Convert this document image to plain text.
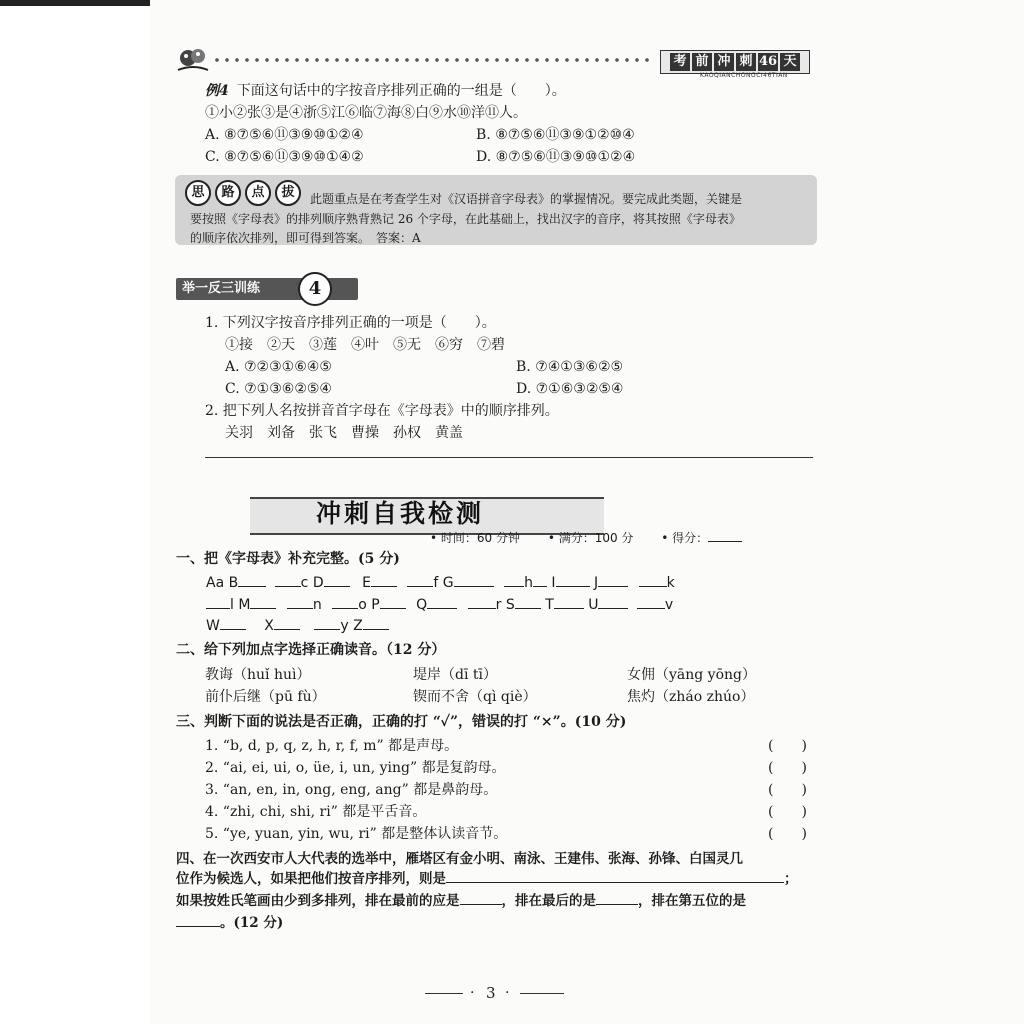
考 前 冲 刺 46 天
KAOQIANCHONGCI46TIAN
例4 下面这句话中的字按音序排列正确的一组是（　　）。
①小②张③是④浙⑤江⑥临⑦海⑧白⑨水⑩洋⑪人。
A. ⑧⑦⑤⑥⑪③⑨⑩①②④	B. ⑧⑦⑤⑥⑪③⑨①②⑩④
C. ⑧⑦⑤⑥⑪③⑨⑩①④②	D. ⑧⑦⑤⑥⑪③⑨⑩①②④
思	路	点	拔	此题重点是在考查学生对《汉语拼音字母表》的掌握情况。要完成此类题，关键是
要按照《字母表》的排列顺序熟背熟记 26 个字母，在此基础上，找出汉字的音序，将其按照《字母表》
的顺序依次排列，即可得到答案。　答案：A
举一反三训练	4
1. 下列汉字按音序排列正确的一项是（　　）。
①接　②天　③莲　④叶　⑤无　⑥穷　⑦碧
A. ⑦②③①⑥④⑤	B. ⑦④①③⑥②⑤
C. ⑦①③⑥②⑤④	D. ⑦①⑥③②⑤④
2. 把下列人名按拼音首字母在《字母表》中的顺序排列。
关羽　刘备　张飞　曹操　孙权　黄盖
冲刺自我检测
• 时间：60 分钟 • 满分：100 分 • 得分：
一、把《字母表》补充完整。(5 分)
Aa B	c D	E	f G	h I	J	k
l M	n	o P	Q	r S T U	v
W	X	y Z
二、给下列加点字选择正确读音。（12 分）
教诲（huǐ huì）	堤岸（dī tī）	女佣（yāng yōng）
前仆后继（pū fù）	锲而不舍（qì qiè）	焦灼（zháo zhúo）
三、判断下面的说法是否正确，正确的打 “✓”，错误的打 “×”。(10 分)
1. “b, d, p, q, z, h, r, f, m” 都是声母。	(　　)
2. “ai, ei, ui, o, üe, i, un, ying” 都是复韵母。	(　　)
3. “an, en, in, ong, eng, ang” 都是鼻韵母。	(　　)
4. “zhi, chi, shi, ri” 都是平舌音。	(　　)
5. “ye, yuan, yin, wu, ri” 都是整体认读音节。	(　　)
四、在一次西安市人大代表的选举中，雁塔区有金小明、南泳、王建伟、张海、孙锋、白国灵几
位作为候选人，如果把他们按音序排列，则是	；
如果按姓氏笔画由少到多排列，排在最前的应是	，排在最后的是	，排在第五位的是
。(12 分)
· 3 ·
